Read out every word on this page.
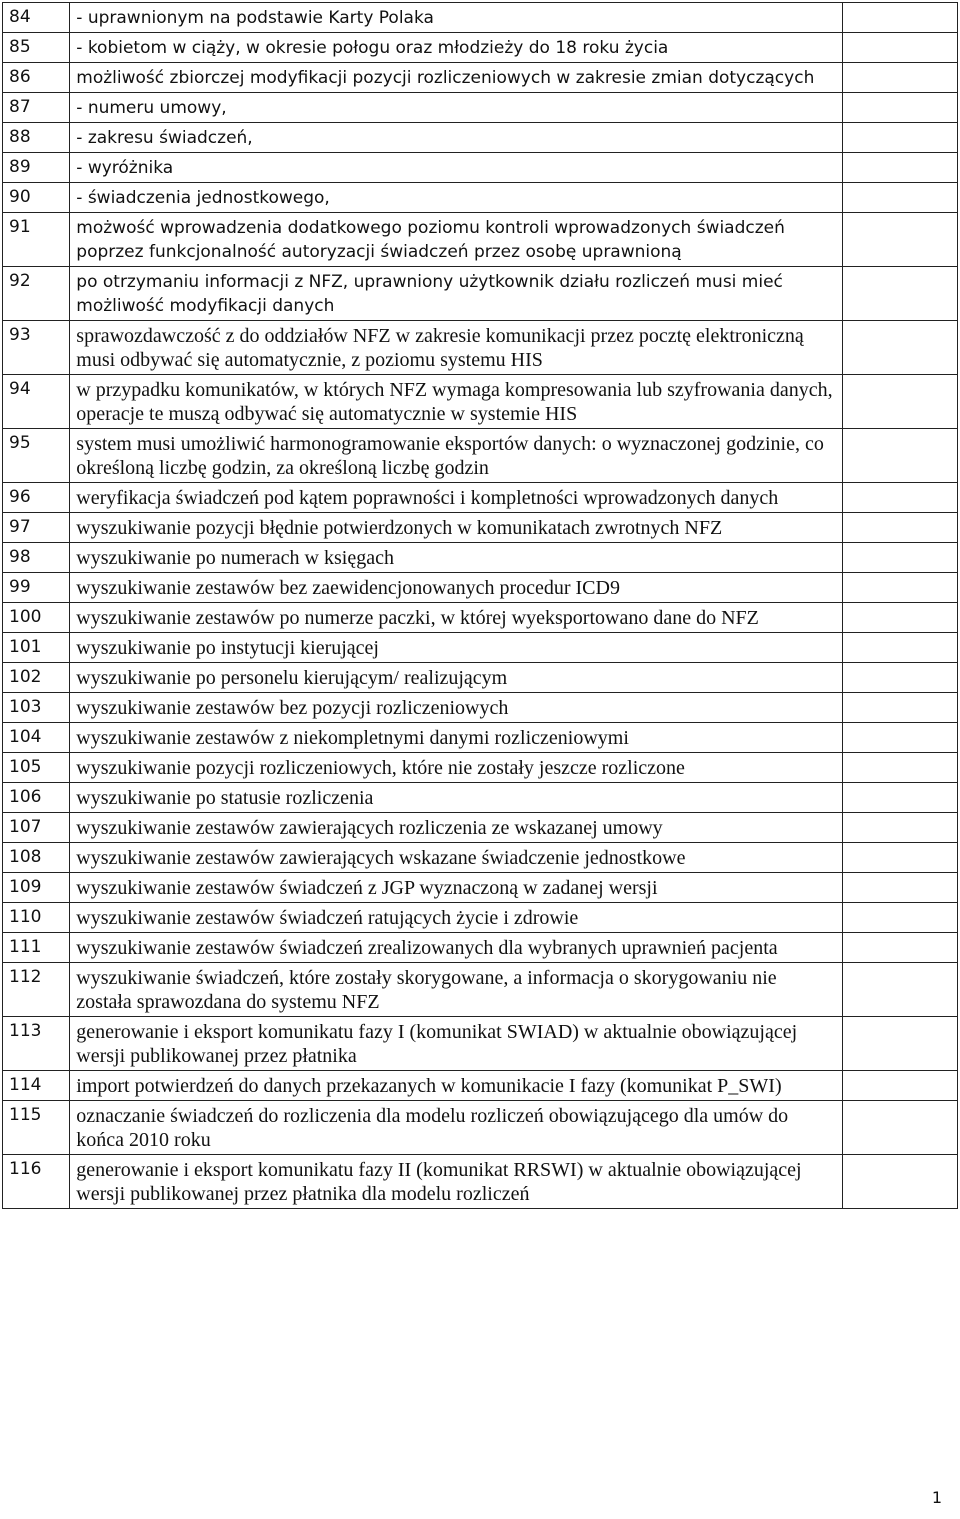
84	- uprawnionym na podstawie Karty Polaka	
85	- kobietom w ciąży, w okresie połogu oraz młodzieży do 18 roku życia	
86	możliwość zbiorczej modyfikacji pozycji rozliczeniowych w zakresie zmian dotyczących	
87	- numeru umowy,	
88	- zakresu świadczeń,	
89	- wyróżnika	
90	- świadczenia jednostkowego,	
91	możwość wprowadzenia dodatkowego poziomu kontroli wprowadzonych świadczeń poprzez funkcjonalność autoryzacji świadczeń przez osobę uprawnioną	
92	po otrzymaniu informacji z NFZ, uprawniony użytkownik działu rozliczeń musi mieć możliwość modyfikacji danych	
93	sprawozdawczość z do oddziałów NFZ w zakresie komunikacji przez pocztę elektroniczną musi odbywać się automatycznie, z poziomu systemu HIS	
94	w przypadku komunikatów, w których NFZ wymaga kompresowania lub szyfrowania danych, operacje te muszą odbywać się automatycznie w systemie HIS	
95	system musi umożliwić harmonogramowanie eksportów danych: o wyznaczonej godzinie, co określoną liczbę godzin, za określoną liczbę godzin	
96	weryfikacja świadczeń pod kątem poprawności i kompletności wprowadzonych danych	
97	wyszukiwanie pozycji błędnie potwierdzonych w komunikatach zwrotnych NFZ	
98	wyszukiwanie po numerach w księgach	
99	wyszukiwanie zestawów bez zaewidencjonowanych procedur ICD9	
100	wyszukiwanie zestawów po numerze paczki, w której wyeksportowano dane do NFZ	
101	wyszukiwanie po instytucji kierującej	
102	wyszukiwanie po personelu kierującym/ realizującym	
103	wyszukiwanie zestawów bez pozycji rozliczeniowych	
104	wyszukiwanie zestawów z niekompletnymi danymi rozliczeniowymi	
105	wyszukiwanie pozycji rozliczeniowych, które nie zostały jeszcze rozliczone	
106	wyszukiwanie po statusie rozliczenia	
107	wyszukiwanie zestawów zawierających rozliczenia ze wskazanej umowy	
108	wyszukiwanie zestawów zawierających wskazane świadczenie jednostkowe	
109	wyszukiwanie zestawów świadczeń z JGP wyznaczoną w zadanej wersji	
110	wyszukiwanie zestawów świadczeń ratujących życie i zdrowie	
111	wyszukiwanie zestawów świadczeń zrealizowanych dla wybranych uprawnień pacjenta	
112	wyszukiwanie świadczeń, które zostały skorygowane, a informacja o skorygowaniu nie została sprawozdana do systemu NFZ	
113	generowanie i eksport komunikatu fazy I (komunikat SWIAD) w aktualnie obowiązującej wersji publikowanej przez płatnika	
114	import potwierdzeń do danych przekazanych w komunikacie I fazy (komunikat P_SWI)	
115	oznaczanie świadczeń do rozliczenia dla modelu rozliczeń obowiązującego dla umów do końca 2010 roku	
116	generowanie i eksport komunikatu fazy II (komunikat RRSWI) w aktualnie obowiązującej wersji publikowanej przez płatnika dla modelu rozliczeń	
1
